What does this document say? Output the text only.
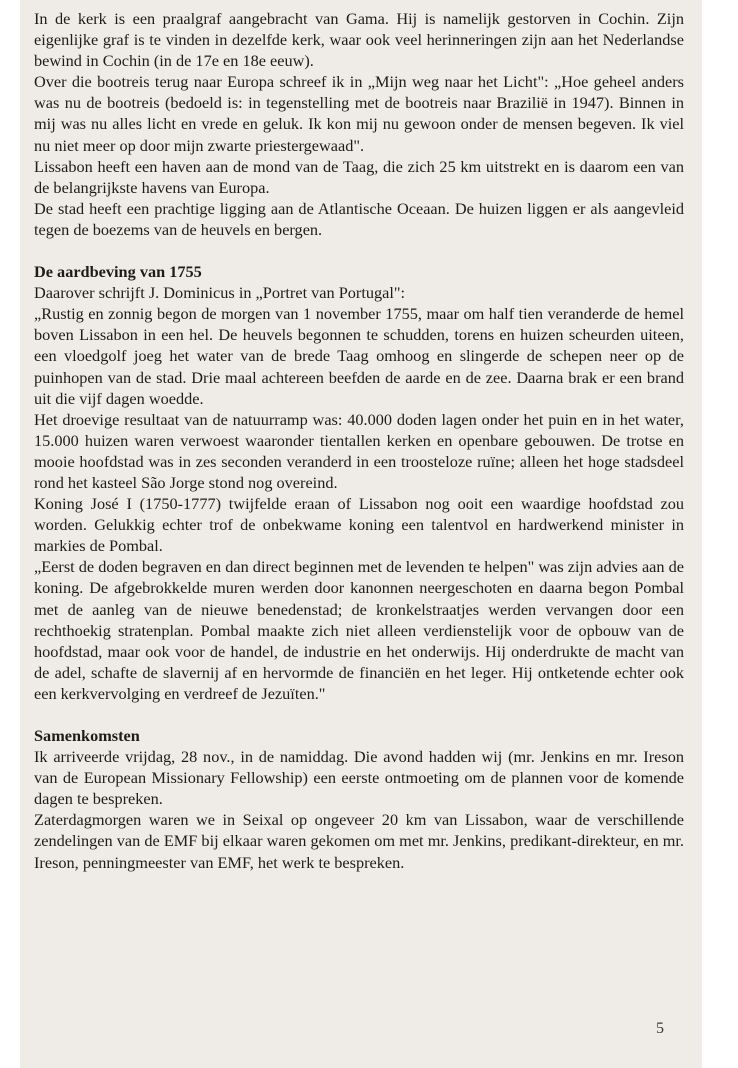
In de kerk is een praalgraf aangebracht van Gama. Hij is namelijk gestorven in Cochin. Zijn eigenlijke graf is te vinden in dezelfde kerk, waar ook veel herinneringen zijn aan het Nederlandse bewind in Cochin (in de 17e en 18e eeuw).

Over die bootreis terug naar Europa schreef ik in „Mijn weg naar het Licht": „Hoe geheel anders was nu de bootreis (bedoeld is: in tegenstelling met de bootreis naar Brazilië in 1947). Binnen in mij was nu alles licht en vrede en geluk. Ik kon mij nu gewoon onder de mensen begeven. Ik viel nu niet meer op door mijn zwarte priestergewaad".

Lissabon heeft een haven aan de mond van de Taag, die zich 25 km uitstrekt en is daarom een van de belangrijkste havens van Europa.

De stad heeft een prachtige ligging aan de Atlantische Oceaan. De huizen liggen er als aangevleid tegen de boezems van de heuvels en bergen.

De aardbeving van 1755

Daarover schrijft J. Dominicus in „Portret van Portugal":

„Rustig en zonnig begon de morgen van 1 november 1755, maar om half tien veranderde de hemel boven Lissabon in een hel. De heuvels begonnen te schudden, torens en huizen scheurden uiteen, een vloedgolf joeg het water van de brede Taag omhoog en slingerde de schepen neer op de puinhopen van de stad. Drie maal achtereen beefden de aarde en de zee. Daarna brak er een brand uit die vijf dagen woedde.

Het droevige resultaat van de natuurramp was: 40.000 doden lagen onder het puin en in het water, 15.000 huizen waren verwoest waaronder tientallen kerken en openbare gebouwen. De trotse en mooie hoofdstad was in zes seconden veranderd in een troosteloze ruïne; alleen het hoge stadsdeel rond het kasteel São Jorge stond nog overeind.

Koning José I (1750-1777) twijfelde eraan of Lissabon nog ooit een waardige hoofdstad zou worden. Gelukkig echter trof de onbekwame koning een talentvol en hardwerkend minister in markies de Pombal.

„Eerst de doden begraven en dan direct beginnen met de levenden te helpen" was zijn advies aan de koning. De afgebrokkelde muren werden door kanonnen neergeschoten en daarna begon Pombal met de aanleg van de nieuwe benedenstad; de kronkelstraatjes werden vervangen door een rechthoekig stratenplan. Pombal maakte zich niet alleen verdienstelijk voor de opbouw van de hoofdstad, maar ook voor de handel, de industrie en het onderwijs. Hij onderdrukte de macht van de adel, schafte de slavernij af en hervormde de financiën en het leger. Hij ontketende echter ook een kerkvervolging en verdreef de Jezuïten."

Samenkomsten

Ik arriveerde vrijdag, 28 nov., in de namiddag. Die avond hadden wij (mr. Jenkins en mr. Ireson van de European Missionary Fellowship) een eerste ontmoeting om de plannen voor de komende dagen te bespreken.

Zaterdagmorgen waren we in Seixal op ongeveer 20 km van Lissabon, waar de verschillende zendelingen van de EMF bij elkaar waren gekomen om met mr. Jenkins, predikant-direkteur, en mr. Ireson, penningmeester van EMF, het werk te bespreken.

5
